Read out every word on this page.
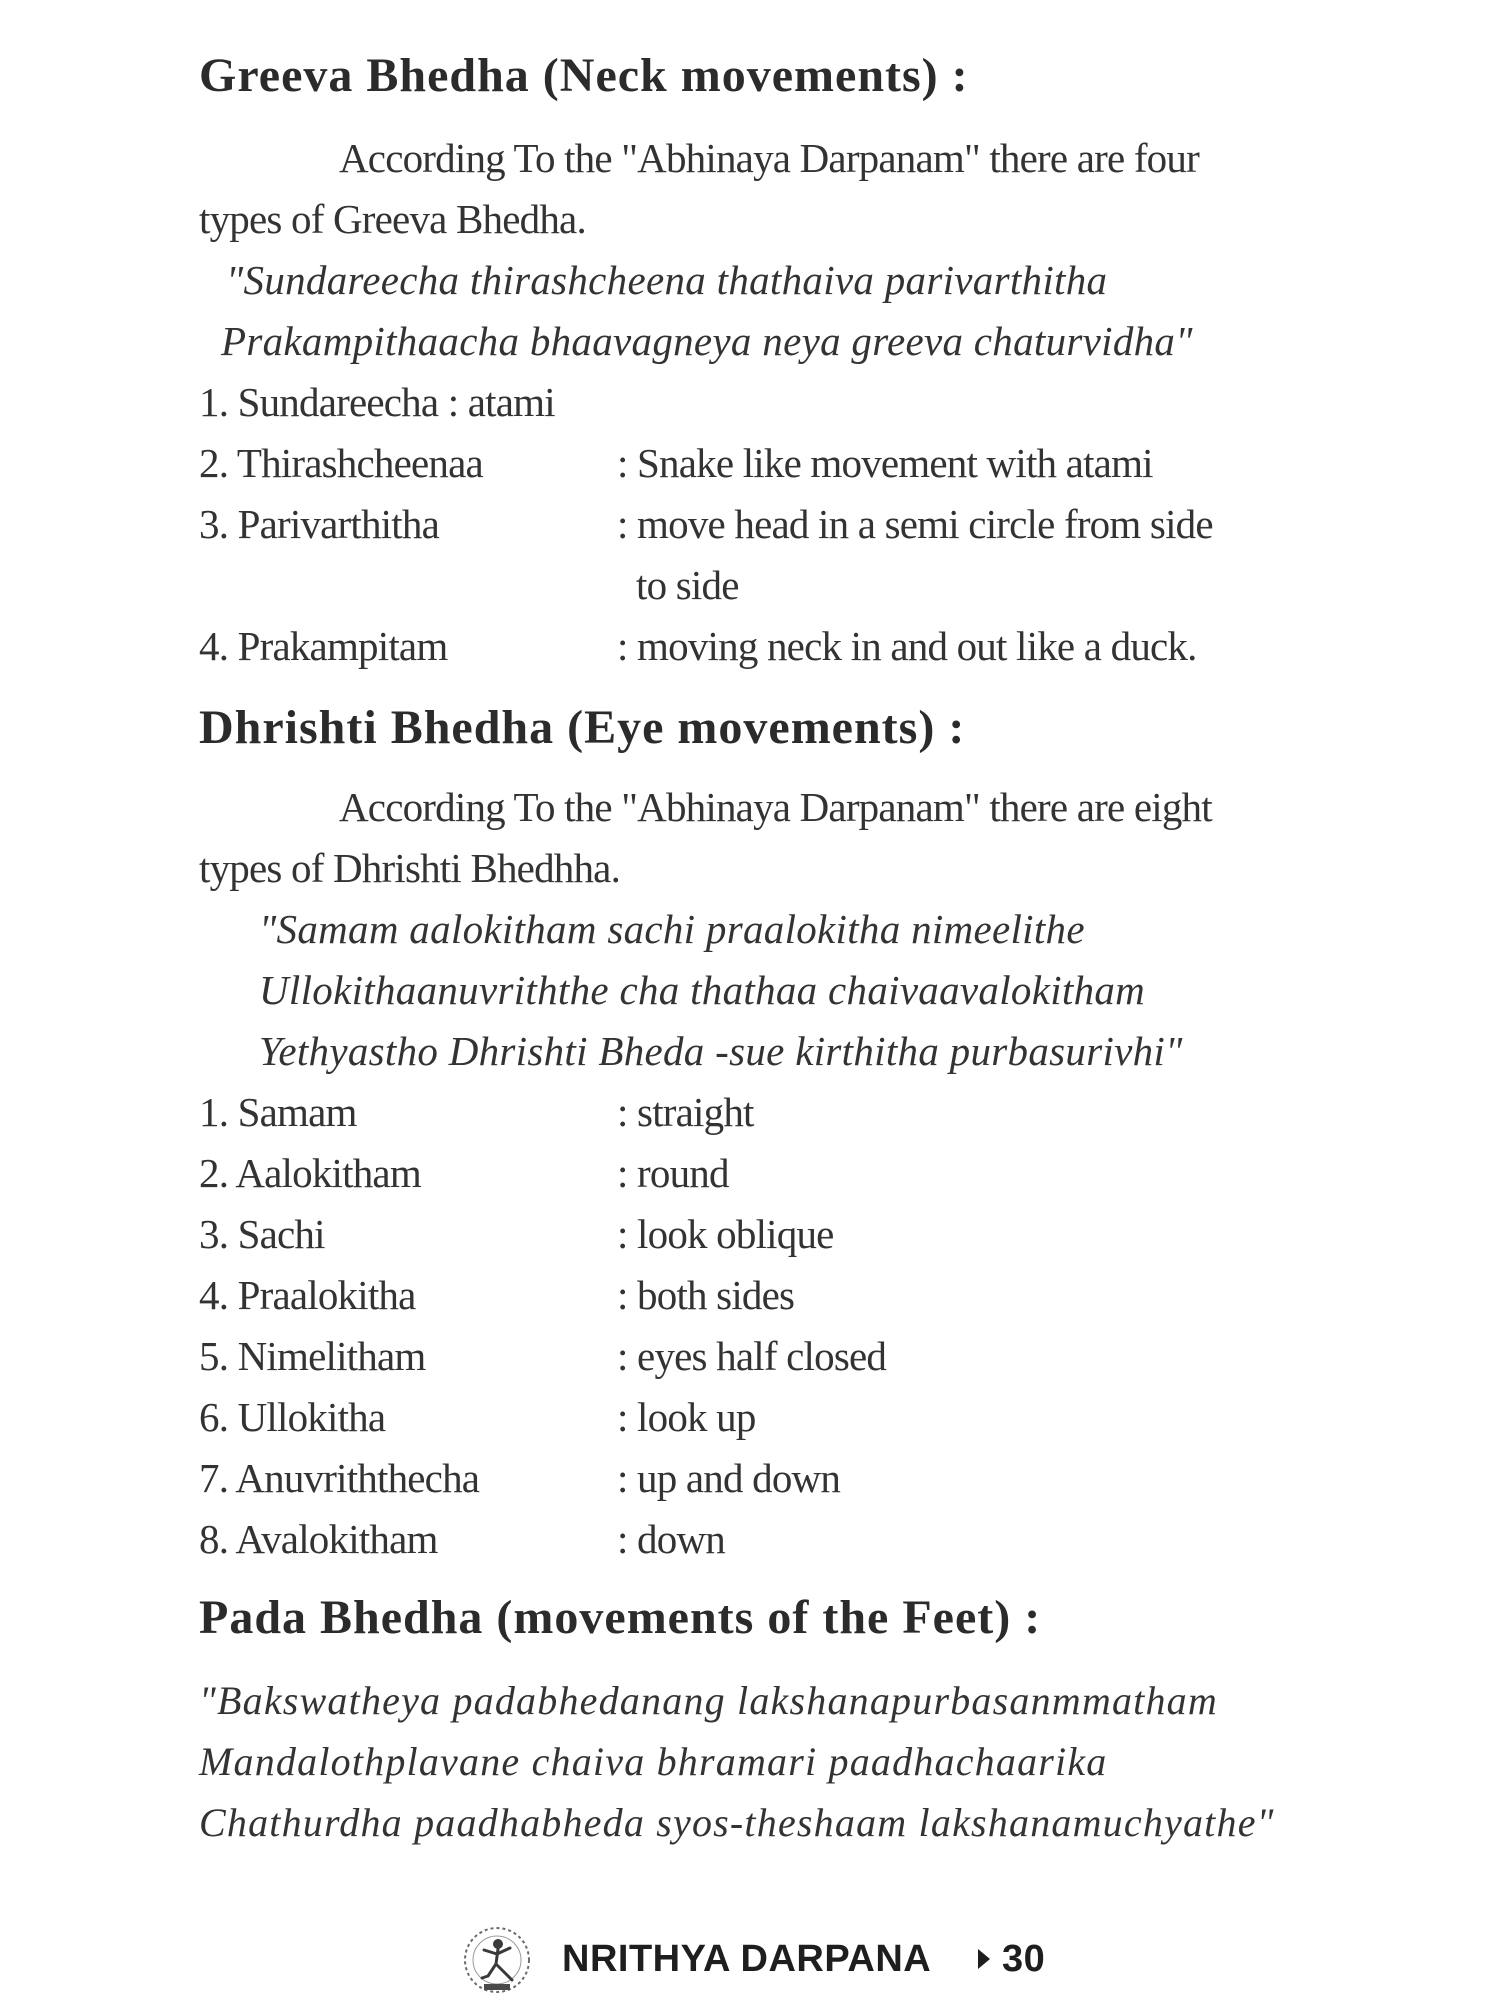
Greeva Bhedha (Neck movements) :
According To the "Abhinaya Darpanam" there are four
types of Greeva Bhedha.
"Sundareecha thirashcheena thathaiva parivarthitha
Prakampithaacha bhaavagneya neya greeva chaturvidha"
1. Sundareecha : atami
2. Thirashcheenaa	: Snake like movement with atami
3. Parivarthitha	: move head in a semi circle from side
to side
4. Prakampitam	: moving neck in and out like a duck.
Dhrishti Bhedha (Eye movements) :
According To the "Abhinaya Darpanam" there are eight
types of Dhrishti Bhedhha.
"Samam aalokitham sachi praalokitha nimeelithe
Ullokithaanuvriththe cha thathaa chaivaavalokitham
Yethyastho Dhrishti Bheda -sue kirthitha purbasurivhi"
1. Samam	: straight
2. Aalokitham	: round
3. Sachi	: look oblique
4. Praalokitha	: both sides
5. Nimelitham	: eyes half closed
6. Ullokitha	: look up
7. Anuvriththecha	: up and down
8. Avalokitham	: down
Pada Bhedha (movements of the Feet) :
"Bakswatheya padabhedanang lakshanapurbasanmmatham
Mandalothplavane chaiva bhramari paadhachaarika
Chathurdha paadhabheda syos-theshaam lakshanamuchyathe"
NRITHYA DARPANA 30
